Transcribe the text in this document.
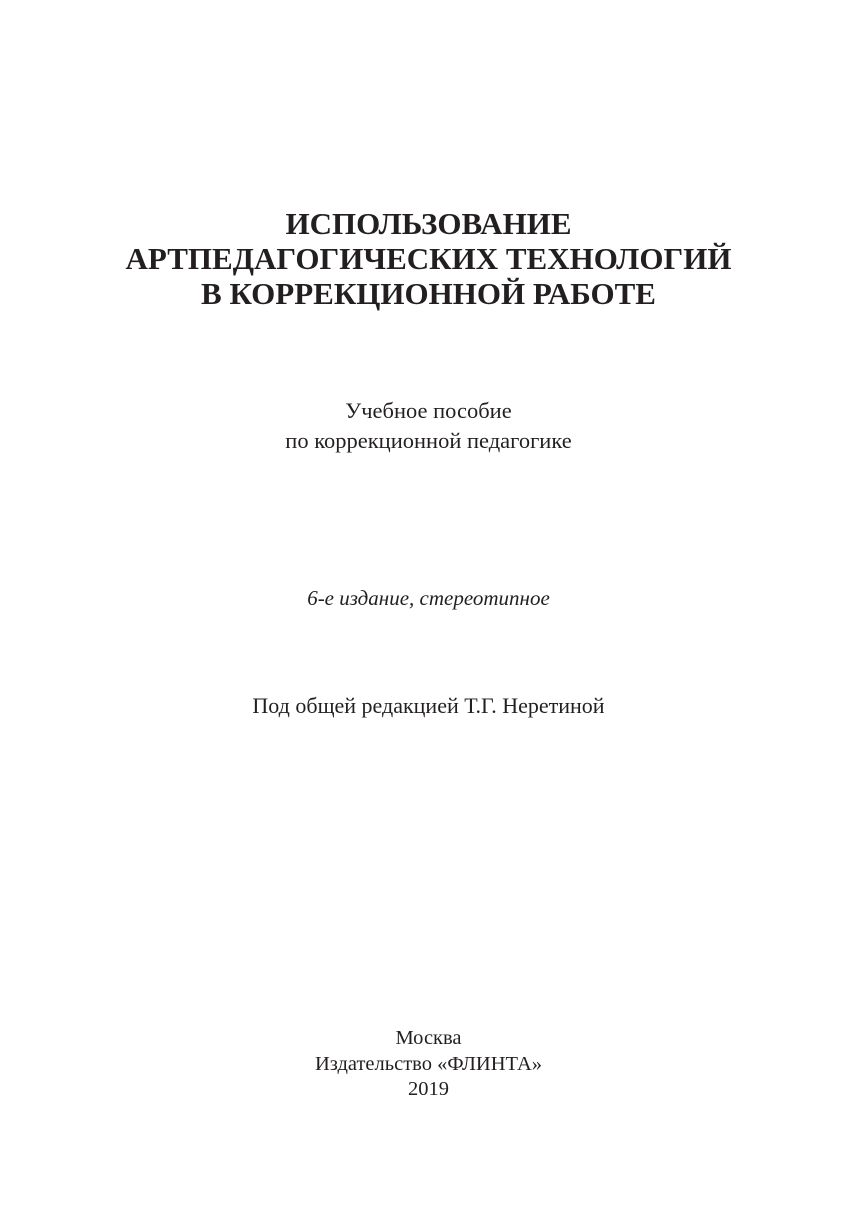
ИСПОЛЬЗОВАНИЕ
АРТПЕДАГОГИЧЕСКИХ ТЕХНОЛОГИЙ
В КОРРЕКЦИОННОЙ РАБОТЕ
Учебное пособие
по коррекционной педагогике
6-е издание, стереотипное
Под общей редакцией Т.Г. Неретиной
Москва
Издательство «ФЛИНТА»
2019
